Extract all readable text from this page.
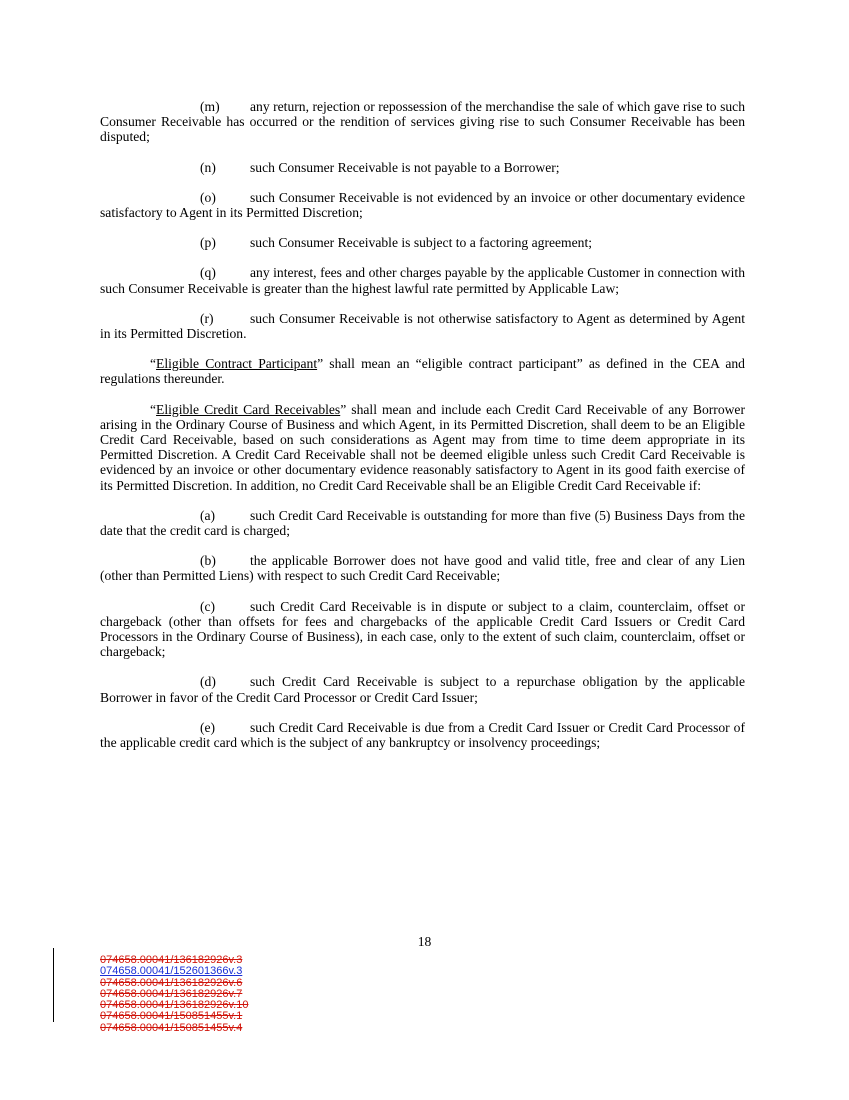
(m) any return, rejection or repossession of the merchandise the sale of which gave rise to such Consumer Receivable has occurred or the rendition of services giving rise to such Consumer Receivable has been disputed;

(n)	such Consumer Receivable is not payable to a Borrower;

(o)	such Consumer Receivable is not evidenced by an invoice or other documentary evidence satisfactory to Agent in its Permitted Discretion;

(p)	such Consumer Receivable is subject to a factoring agreement;

(q)	any interest, fees and other charges payable by the applicable Customer in connection with such Consumer Receivable is greater than the highest lawful rate permitted by Applicable Law;

(r)	such Consumer Receivable is not otherwise satisfactory to Agent as determined by Agent in its Permitted Discretion.

“Eligible Contract Participant” shall mean an “eligible contract participant” as defined in the CEA and regulations thereunder.

“Eligible Credit Card Receivables” shall mean and include each Credit Card Receivable of any Borrower arising in the Ordinary Course of Business and which Agent, in its Permitted Discretion, shall deem to be an Eligible Credit Card Receivable, based on such considerations as Agent may from time to time deem appropriate in its Permitted Discretion. A Credit Card Receivable shall not be deemed eligible unless such Credit Card Receivable is evidenced by an invoice or other documentary evidence reasonably satisfactory to Agent in its good faith exercise of its Permitted Discretion. In addition, no Credit Card Receivable shall be an Eligible Credit Card Receivable if:

(a)	such Credit Card Receivable is outstanding for more than five (5) Business Days from the date that the credit card is charged;

(b)	the applicable Borrower does not have good and valid title, free and clear of any Lien (other than Permitted Liens) with respect to such Credit Card Receivable;

(c)	such Credit Card Receivable is in dispute or subject to a claim, counterclaim, offset or chargeback (other than offsets for fees and chargebacks of the applicable Credit Card Issuers or Credit Card Processors in the Ordinary Course of Business), in each case, only to the extent of such claim, counterclaim, offset or chargeback;

(d)	such Credit Card Receivable is subject to a repurchase obligation by the applicable Borrower in favor of the Credit Card Processor or Credit Card Issuer;

(e)	such Credit Card Receivable is due from a Credit Card Issuer or Credit Card Processor of the applicable credit card which is the subject of any bankruptcy or insolvency proceedings;

18
074658.00041/136182926v.3
074658.00041/152601366v.3
074658.00041/136182926v.6
074658.00041/136182926v.7
074658.00041/136182926v.10
074658.00041/150851455v.1
074658.00041/150851455v.4
